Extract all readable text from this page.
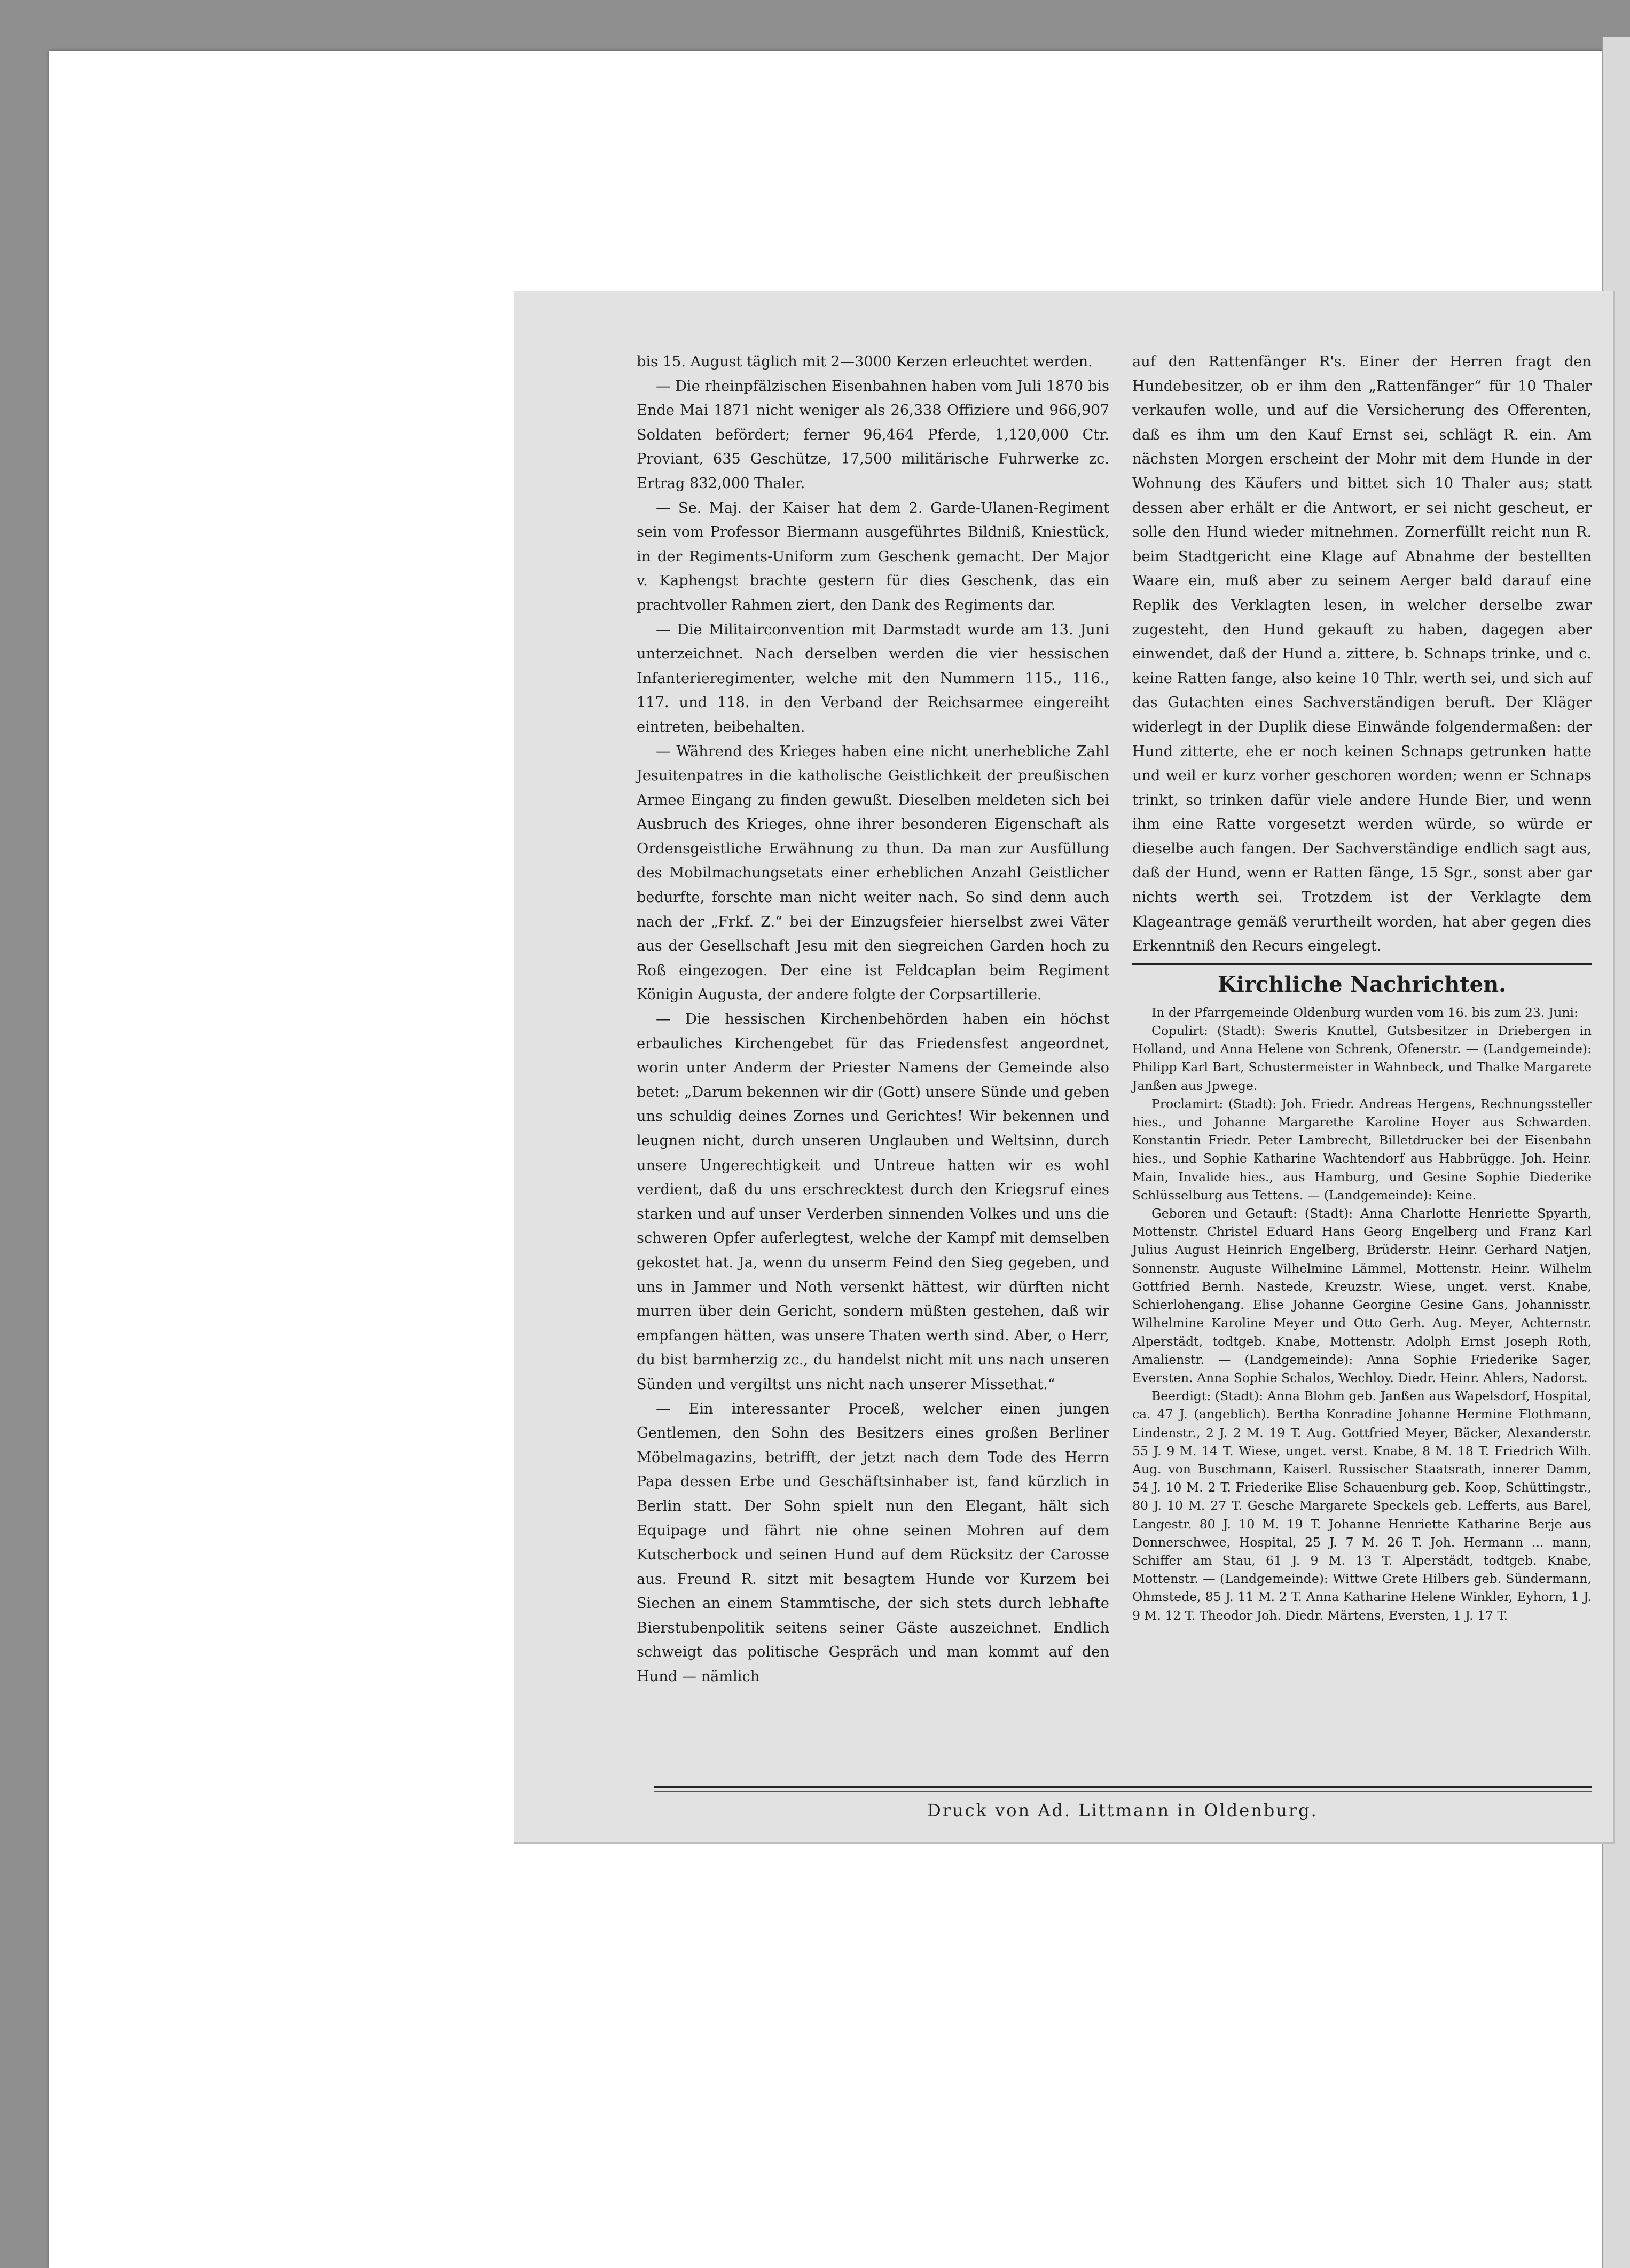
bis 15. August täglich mit 2—3000 Kerzen erleuchtet werden.

— Die rheinpfälzischen Eisenbahnen haben vom Juli 1870 bis Ende Mai 1871 nicht weniger als 26,338 Offiziere und 966,907 Soldaten befördert; ferner 96,464 Pferde, 1,120,000 Ctr. Proviant, 635 Geschütze, 17,500 militärische Fuhrwerke zc. Ertrag 832,000 Thaler.

— Se. Maj. der Kaiser hat dem 2. Garde-Ulanen-Regiment sein vom Professor Biermann ausgeführtes Bildniß, Kniestück, in der Regiments-Uniform zum Geschenk gemacht. Der Major v. Kaphengst brachte gestern für dies Geschenk, das ein prachtvoller Rahmen ziert, den Dank des Regiments dar.

— Die Militairconvention mit Darmstadt wurde am 13. Juni unterzeichnet. Nach derselben werden die vier hessischen Infanterieregimenter, welche mit den Nummern 115., 116., 117. und 118. in den Verband der Reichsarmee eingereiht eintreten, beibehalten.

— Während des Krieges haben eine nicht unerhebliche Zahl Jesuitenpatres in die katholische Geistlichkeit der preußischen Armee Eingang zu finden gewußt. Dieselben meldeten sich bei Ausbruch des Krieges, ohne ihrer besonderen Eigenschaft als Ordensgeistliche Erwähnung zu thun. Da man zur Ausfüllung des Mobilmachungsetats einer erheblichen Anzahl Geistlicher bedurfte, forschte man nicht weiter nach. So sind denn auch nach der „Frkf. Z.“ bei der Einzugsfeier hierselbst zwei Väter aus der Gesellschaft Jesu mit den siegreichen Garden hoch zu Roß eingezogen. Der eine ist Feldcaplan beim Regiment Königin Augusta, der andere folgte der Corpsartillerie.

— Die hessischen Kirchenbehörden haben ein höchst erbauliches Kirchengebet für das Friedensfest angeordnet, worin unter Anderm der Priester Namens der Gemeinde also betet: „Darum bekennen wir dir (Gott) unsere Sünde und geben uns schuldig deines Zornes und Gerichtes! Wir bekennen und leugnen nicht, durch unseren Unglauben und Weltsinn, durch unsere Ungerechtigkeit und Untreue hatten wir es wohl verdient, daß du uns erschrecktest durch den Kriegsruf eines starken und auf unser Verderben sinnenden Volkes und uns die schweren Opfer auferlegtest, welche der Kampf mit demselben gekostet hat. Ja, wenn du unserm Feind den Sieg gegeben, und uns in Jammer und Noth versenkt hättest, wir dürften nicht murren über dein Gericht, sondern müßten gestehen, daß wir empfangen hätten, was unsere Thaten werth sind. Aber, o Herr, du bist barmherzig zc., du handelst nicht mit uns nach unseren Sünden und vergiltst uns nicht nach unserer Missethat.“

— Ein interessanter Proceß, welcher einen jungen Gentlemen, den Sohn des Besitzers eines großen Berliner Möbelmagazins, betrifft, der jetzt nach dem Tode des Herrn Papa dessen Erbe und Geschäftsinhaber ist, fand kürzlich in Berlin statt. Der Sohn spielt nun den Elegant, hält sich Equipage und fährt nie ohne seinen Mohren auf dem Kutscherbock und seinen Hund auf dem Rücksitz der Carosse aus. Freund R. sitzt mit besagtem Hunde vor Kurzem bei Siechen an einem Stammtische, der sich stets durch lebhafte Bierstubenpolitik seitens seiner Gäste auszeichnet. Endlich schweigt das politische Gespräch und man kommt auf den Hund — nämlich

auf den Rattenfänger R's. Einer der Herren fragt den Hundebesitzer, ob er ihm den „Rattenfänger“ für 10 Thaler verkaufen wolle, und auf die Versicherung des Offerenten, daß es ihm um den Kauf Ernst sei, schlägt R. ein. Am nächsten Morgen erscheint der Mohr mit dem Hunde in der Wohnung des Käufers und bittet sich 10 Thaler aus; statt dessen aber erhält er die Antwort, er sei nicht gescheut, er solle den Hund wieder mitnehmen. Zornerfüllt reicht nun R. beim Stadtgericht eine Klage auf Abnahme der bestellten Waare ein, muß aber zu seinem Aerger bald darauf eine Replik des Verklagten lesen, in welcher derselbe zwar zugesteht, den Hund gekauft zu haben, dagegen aber einwendet, daß der Hund a. zittere, b. Schnaps trinke, und c. keine Ratten fange, also keine 10 Thlr. werth sei, und sich auf das Gutachten eines Sachverständigen beruft. Der Kläger widerlegt in der Duplik diese Einwände folgendermaßen: der Hund zitterte, ehe er noch keinen Schnaps getrunken hatte und weil er kurz vorher geschoren worden; wenn er Schnaps trinkt, so trinken dafür viele andere Hunde Bier, und wenn ihm eine Ratte vorgesetzt werden würde, so würde er dieselbe auch fangen. Der Sachverständige endlich sagt aus, daß der Hund, wenn er Ratten fänge, 15 Sgr., sonst aber gar nichts werth sei. Trotzdem ist der Verklagte dem Klageantrage gemäß verurtheilt worden, hat aber gegen dies Erkenntniß den Recurs eingelegt.

Kirchliche Nachrichten.

In der Pfarrgemeinde Oldenburg wurden vom 16. bis zum 23. Juni:

Copulirt: (Stadt): Sweris Knuttel, Gutsbesitzer in Driebergen in Holland, und Anna Helene von Schrenk, Ofenerstr. — (Landgemeinde): Philipp Karl Bart, Schustermeister in Wahnbeck, und Thalke Margarete Janßen aus Jpwege.

Proclamirt: (Stadt): Joh. Friedr. Andreas Hergens, Rechnungssteller hies., und Johanne Margarethe Karoline Hoyer aus Schwarden. Konstantin Friedr. Peter Lambrecht, Billetdrucker bei der Eisenbahn hies., und Sophie Katharine Wachtendorf aus Habbrügge. Joh. Heinr. Main, Invalide hies., aus Hamburg, und Gesine Sophie Diederike Schlüsselburg aus Tettens. — (Landgemeinde): Keine.

Geboren und Getauft: (Stadt): Anna Charlotte Henriette Spyarth, Mottenstr. Christel Eduard Hans Georg Engelberg und Franz Karl Julius August Heinrich Engelberg, Brüderstr. Heinr. Gerhard Natjen, Sonnenstr. Auguste Wilhelmine Lämmel, Mottenstr. Heinr. Wilhelm Gottfried Bernh. Nastede, Kreuzstr. Wiese, unget. verst. Knabe, Schierlohengang. Elise Johanne Georgine Gesine Gans, Johannisstr. Wilhelmine Karoline Meyer und Otto Gerh. Aug. Meyer, Achternstr. Alperstädt, todtgeb. Knabe, Mottenstr. Adolph Ernst Joseph Roth, Amalienstr. — (Landgemeinde): Anna Sophie Friederike Sager, Eversten. Anna Sophie Schalos, Wechloy. Diedr. Heinr. Ahlers, Nadorst.

Beerdigt: (Stadt): Anna Blohm geb. Janßen aus Wapelsdorf, Hospital, ca. 47 J. (angeblich). Bertha Konradine Johanne Hermine Flothmann, Lindenstr., 2 J. 2 M. 19 T. Aug. Gottfried Meyer, Bäcker, Alexanderstr. 55 J. 9 M. 14 T. Wiese, unget. verst. Knabe, 8 M. 18 T. Friedrich Wilh. Aug. von Buschmann, Kaiserl. Russischer Staatsrath, innerer Damm, 54 J. 10 M. 2 T. Friederike Elise Schauenburg geb. Koop, Schüttingstr., 80 J. 10 M. 27 T. Gesche Margarete Speckels geb. Lefferts, aus Barel, Langestr. 80 J. 10 M. 19 T. Johanne Henriette Katharine Berje aus Donnerschwee, Hospital, 25 J. 7 M. 26 T. Joh. Hermann ... mann, Schiffer am Stau, 61 J. 9 M. 13 T. Alperstädt, todtgeb. Knabe, Mottenstr. — (Landgemeinde): Wittwe Grete Hilbers geb. Sündermann, Ohmstede, 85 J. 11 M. 2 T. Anna Katharine Helene Winkler, Eyhorn, 1 J. 9 M. 12 T. Theodor Joh. Diedr. Märtens, Eversten, 1 J. 17 T.

Druck von Ad. Littmann in Oldenburg.
